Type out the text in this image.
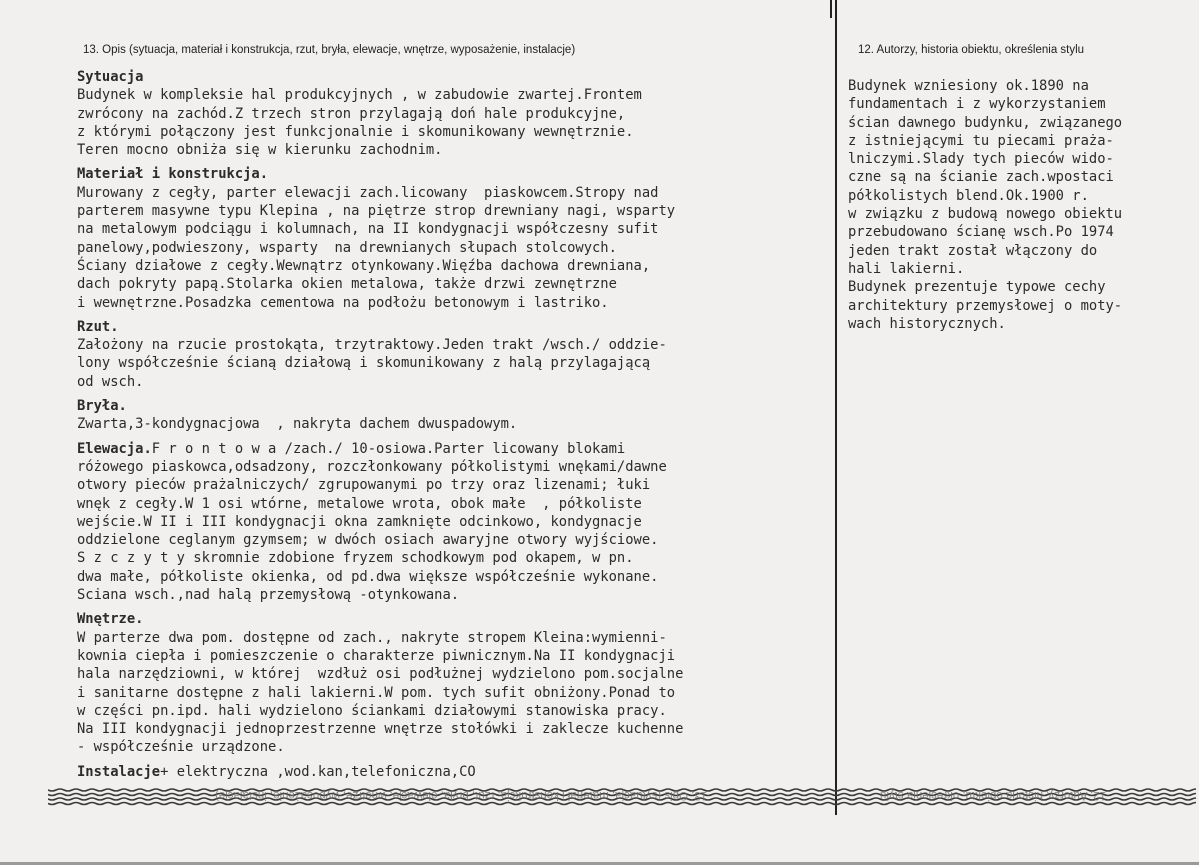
13. Opis (sytuacja, materiał i konstrukcja, rzut, bryła, elewacje, wnętrze, wyposażenie, instalacje)	12. Autorzy, historia obiektu, określenia stylu
Sytuacja
Budynek w kompleksie hal produkcyjnych , w zabudowie zwartej.Frontem
zwrócony na zachód.Z trzech stron przylagają doń hale produkcyjne,
z którymi połączony jest funkcjonalnie i skomunikowany wewnętrznie.
Teren mocno obniża się w kierunku zachodnim.
Materiał i konstrukcja.
Murowany z cegły, parter elewacji zach.licowany  piaskowcem.Stropy nad
parterem masywne typu Klepina , na piętrze strop drewniany nagi, wsparty
na metalowym podciągu i kolumnach, na II kondygnacji współczesny sufit
panelowy,podwieszony, wsparty  na drewnianych słupach stolcowych.
Ściany działowe z cegły.Wewnątrz otynkowany.Więźba dachowa drewniana,
dach pokryty papą.Stolarka okien metalowa, także drzwi zewnętrzne
i wewnętrzne.Posadzka cementowa na podłożu betonowym i lastriko.
Rzut.
Założony na rzucie prostokąta, trzytraktowy.Jeden trakt /wsch./ oddzie-
lony współcześnie ścianą działową i skomunikowany z halą przylagającą
od wsch.
Bryła.
Zwarta,3-kondygnacjowa  , nakryta dachem dwuspadowym.
Elewacja.F r o n t o w a /zach./ 10-osiowa.Parter licowany blokami
różowego piaskowca,odsadzony, rozczłonkowany półkolistymi wnękami/dawne
otwory pieców prażalniczych/ zgrupowanymi po trzy oraz lizenami; łuki
wnęk z cegły.W 1 osi wtórne, metalowe wrota, obok małe  , półkoliste
wejście.W II i III kondygnacji okna zamknięte odcinkowo, kondygnacje
oddzielone ceglanym gzymsem; w dwóch osiach awaryjne otwory wyjściowe.
S z c z y t y skromnie zdobione fryzem schodkowym pod okapem, w pn.
dwa małe, półkoliste okienka, od pd.dwa większe współcześnie wykonane.
Sciana wsch.,nad halą przemysłową -otynkowana.
Wnętrze.
W parterze dwa pom. dostępne od zach., nakryte stropem Kleina:wymienni-
kownia ciepła i pomieszczenie o charakterze piwnicznym.Na II kondygnacji
hala narzędziowni, w której  wzdłuż osi podłużnej wydzielono pom.socjalne
i sanitarne dostępne z hali lakierni.W pom. tych sufit obniżony.Ponad to
w części pn.ipd. hali wydzielono ściankami działowymi stanowiska pracy.
Na III kondygnacji jednoprzestrzenne wnętrze stołówki i zaklecze kuchenne
- współcześnie urządzone.
Instalacje+ elektryczna ,wod.kan,telefoniczna,CO
Budynek wzniesiony ok.1890 na
fundamentach i z wykorzystaniem
ścian dawnego budynku, związanego
z istniejącymi tu piecami praża-
lniczymi.Slady tych pieców wido-
czne są na ścianie zach.wpostaci
półkolistych blend.Ok.1900 r.
w związku z budową nowego obiektu
przebudowano ścianę wsch.Po 1974
jeden trakt został włączony do
hali lakierni.
Budynek prezentuje typowe cechy
architektury przemysłowej o moty-
wach historycznych.
13. Opis (sytuacja, materiał i konstrukcja, rzut, bryła, elewacje, wnętrze, wyposażenie, instalacje)	12. Autorzy, historia obiektu, określenia stylu
